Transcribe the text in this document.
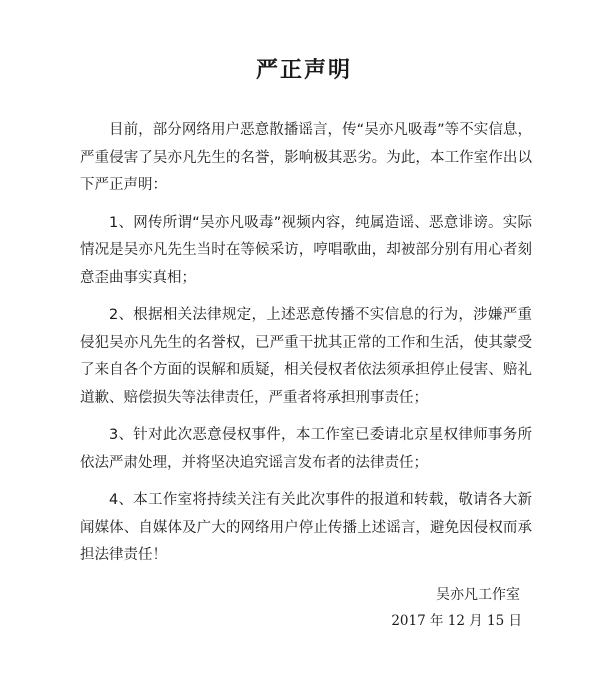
严正声明

目前，部分网络用户恶意散播谣言，传“吴亦凡吸毒”等不实信息，严重侵害了吴亦凡先生的名誉，影响极其恶劣。为此，本工作室作出以下严正声明：

1、网传所谓“吴亦凡吸毒”视频内容，纯属造谣、恶意诽谤。实际情况是吴亦凡先生当时在等候采访，哼唱歌曲，却被部分别有用心者刻意歪曲事实真相；

2、根据相关法律规定，上述恶意传播不实信息的行为，涉嫌严重侵犯吴亦凡先生的名誉权，已严重干扰其正常的工作和生活，使其蒙受了来自各个方面的误解和质疑，相关侵权者依法须承担停止侵害、赔礼道歉、赔偿损失等法律责任，严重者将承担刑事责任；

3、针对此次恶意侵权事件，本工作室已委请北京星权律师事务所依法严肃处理，并将坚决追究谣言发布者的法律责任；

4、本工作室将持续关注有关此次事件的报道和转载，敬请各大新闻媒体、自媒体及广大的网络用户停止传播上述谣言，避免因侵权而承担法律责任！

吴亦凡工作室
2017 年 12 月 15 日
